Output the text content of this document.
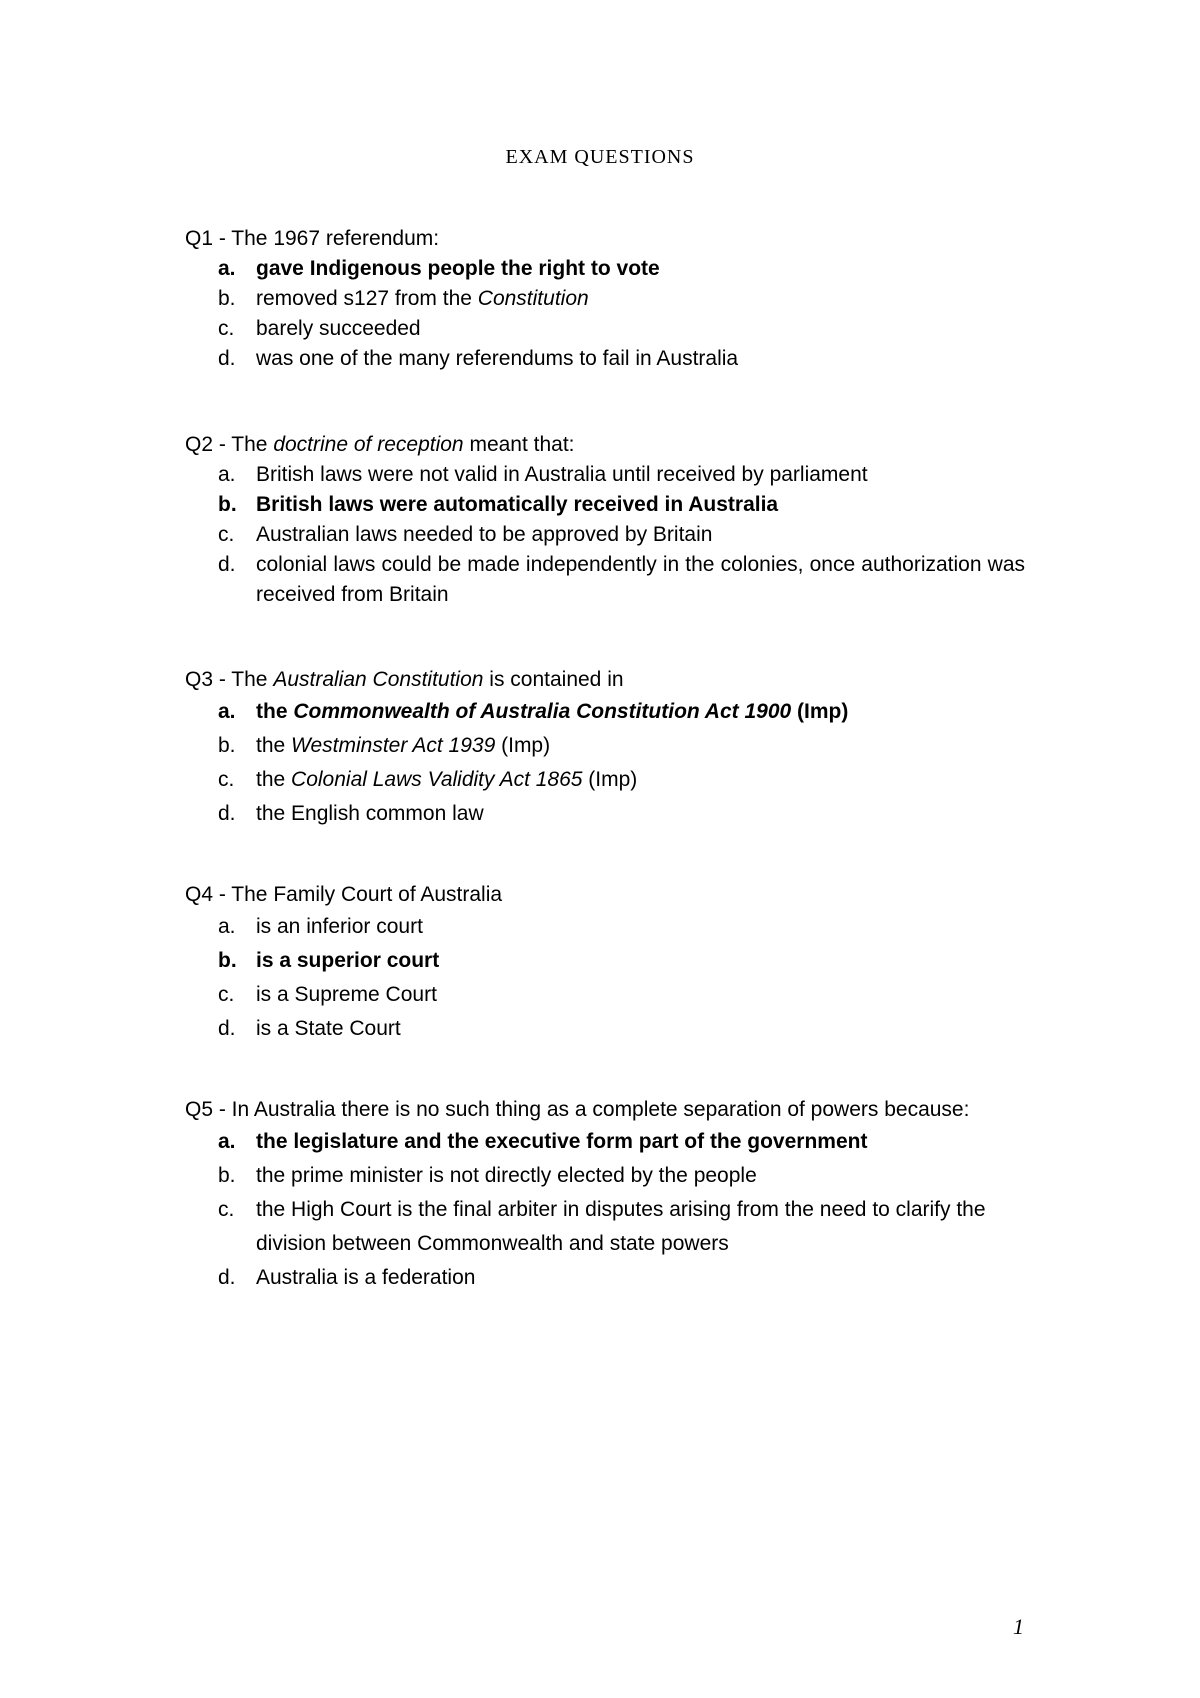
EXAM QUESTIONS
Q1 - The 1967 referendum:
a. gave Indigenous people the right to vote
b. removed s127 from the Constitution
c.	barely succeeded
d. was one of the many referendums to fail in Australia
Q2 - The doctrine of reception meant that:
a. British laws were not valid in Australia until received by parliament
b. British laws were automatically received in Australia
c.	Australian laws needed to be approved by Britain
d. colonial laws could be made independently in the colonies, once authorization was received from Britain
Q3 - The Australian Constitution is contained in
a. the Commonwealth of Australia Constitution Act 1900 (Imp)
b. the Westminster Act 1939 (Imp)
c.	the Colonial Laws Validity Act 1865 (Imp)
d. the English common law
Q4 - The Family Court of Australia
a. is an inferior court
b. is a superior court
c.	is a Supreme Court
d. is a State Court
Q5 - In Australia there is no such thing as a complete separation of powers because:
a. the legislature and the executive form part of the government
b. the prime minister is not directly elected by the people
c.	the High Court is the final arbiter in disputes arising from the need to clarify the division between Commonwealth and state powers
d. Australia is a federation
1
